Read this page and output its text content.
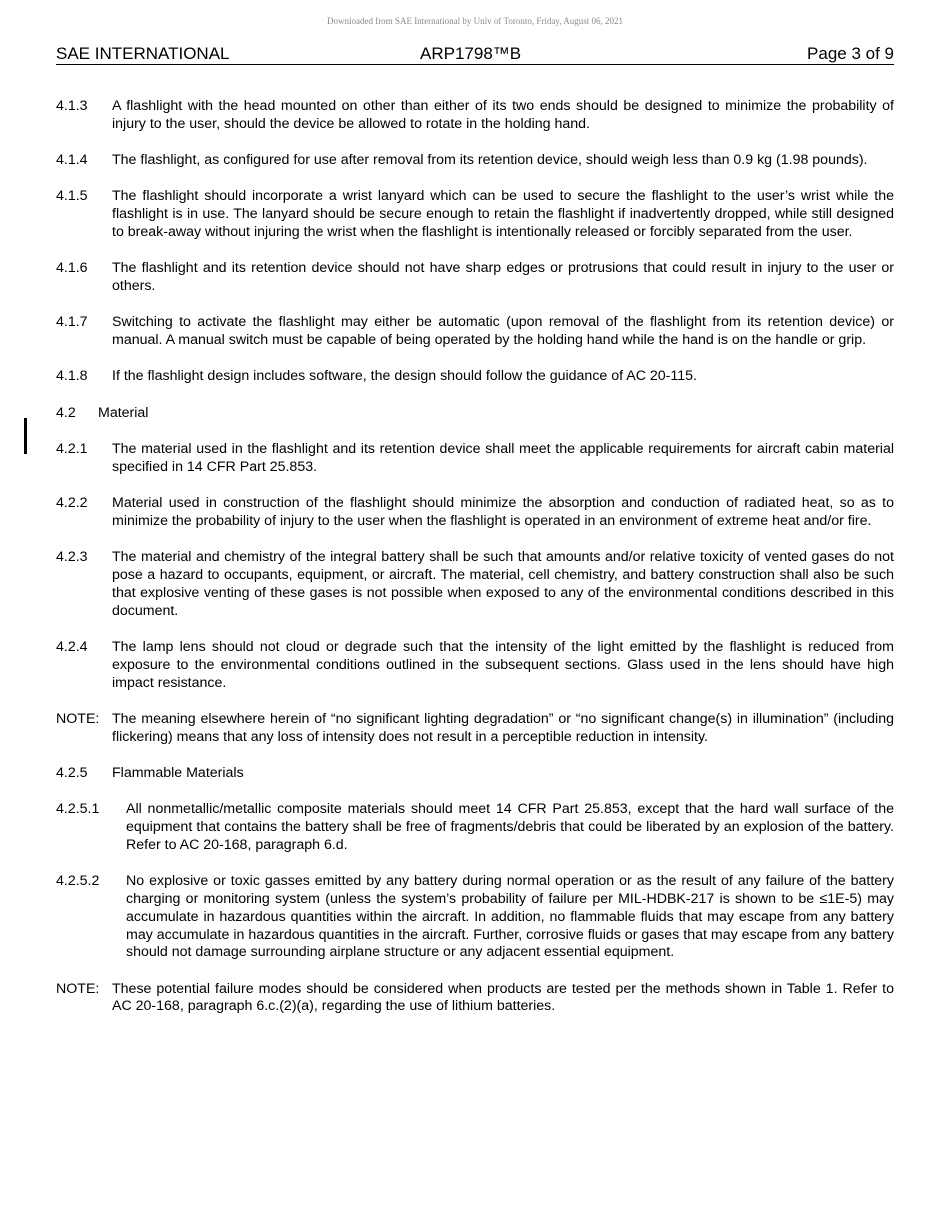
Downloaded from SAE International by Univ of Toronto, Friday, August 06, 2021
SAE INTERNATIONAL	ARP1798™B	Page 3 of 9
4.1.3	A flashlight with the head mounted on other than either of its two ends should be designed to minimize the probability of injury to the user, should the device be allowed to rotate in the holding hand.
4.1.4	The flashlight, as configured for use after removal from its retention device, should weigh less than 0.9 kg (1.98 pounds).
4.1.5	The flashlight should incorporate a wrist lanyard which can be used to secure the flashlight to the user’s wrist while the flashlight is in use. The lanyard should be secure enough to retain the flashlight if inadvertently dropped, while still designed to break-away without injuring the wrist when the flashlight is intentionally released or forcibly separated from the user.
4.1.6	The flashlight and its retention device should not have sharp edges or protrusions that could result in injury to the user or others.
4.1.7	Switching to activate the flashlight may either be automatic (upon removal of the flashlight from its retention device) or manual. A manual switch must be capable of being operated by the holding hand while the hand is on the handle or grip.
4.1.8	If the flashlight design includes software, the design should follow the guidance of AC 20-115.
4.2 Material
4.2.1	The material used in the flashlight and its retention device shall meet the applicable requirements for aircraft cabin material specified in 14 CFR Part 25.853.
4.2.2	Material used in construction of the flashlight should minimize the absorption and conduction of radiated heat, so as to minimize the probability of injury to the user when the flashlight is operated in an environment of extreme heat and/or fire.
4.2.3	The material and chemistry of the integral battery shall be such that amounts and/or relative toxicity of vented gases do not pose a hazard to occupants, equipment, or aircraft. The material, cell chemistry, and battery construction shall also be such that explosive venting of these gases is not possible when exposed to any of the environmental conditions described in this document.
4.2.4	The lamp lens should not cloud or degrade such that the intensity of the light emitted by the flashlight is reduced from exposure to the environmental conditions outlined in the subsequent sections. Glass used in the lens should have high impact resistance.
NOTE: The meaning elsewhere herein of “no significant lighting degradation” or “no significant change(s) in illumination” (including flickering) means that any loss of intensity does not result in a perceptible reduction in intensity.
4.2.5	Flammable Materials
4.2.5.1	All nonmetallic/metallic composite materials should meet 14 CFR Part 25.853, except that the hard wall surface of the equipment that contains the battery shall be free of fragments/debris that could be liberated by an explosion of the battery. Refer to AC 20-168, paragraph 6.d.
4.2.5.2	No explosive or toxic gasses emitted by any battery during normal operation or as the result of any failure of the battery charging or monitoring system (unless the system’s probability of failure per MIL-HDBK-217 is shown to be ≤1E-5) may accumulate in hazardous quantities within the aircraft. In addition, no flammable fluids that may escape from any battery may accumulate in hazardous quantities in the aircraft. Further, corrosive fluids or gases that may escape from any battery should not damage surrounding airplane structure or any adjacent essential equipment.
NOTE: These potential failure modes should be considered when products are tested per the methods shown in Table 1. Refer to AC 20-168, paragraph 6.c.(2)(a), regarding the use of lithium batteries.
